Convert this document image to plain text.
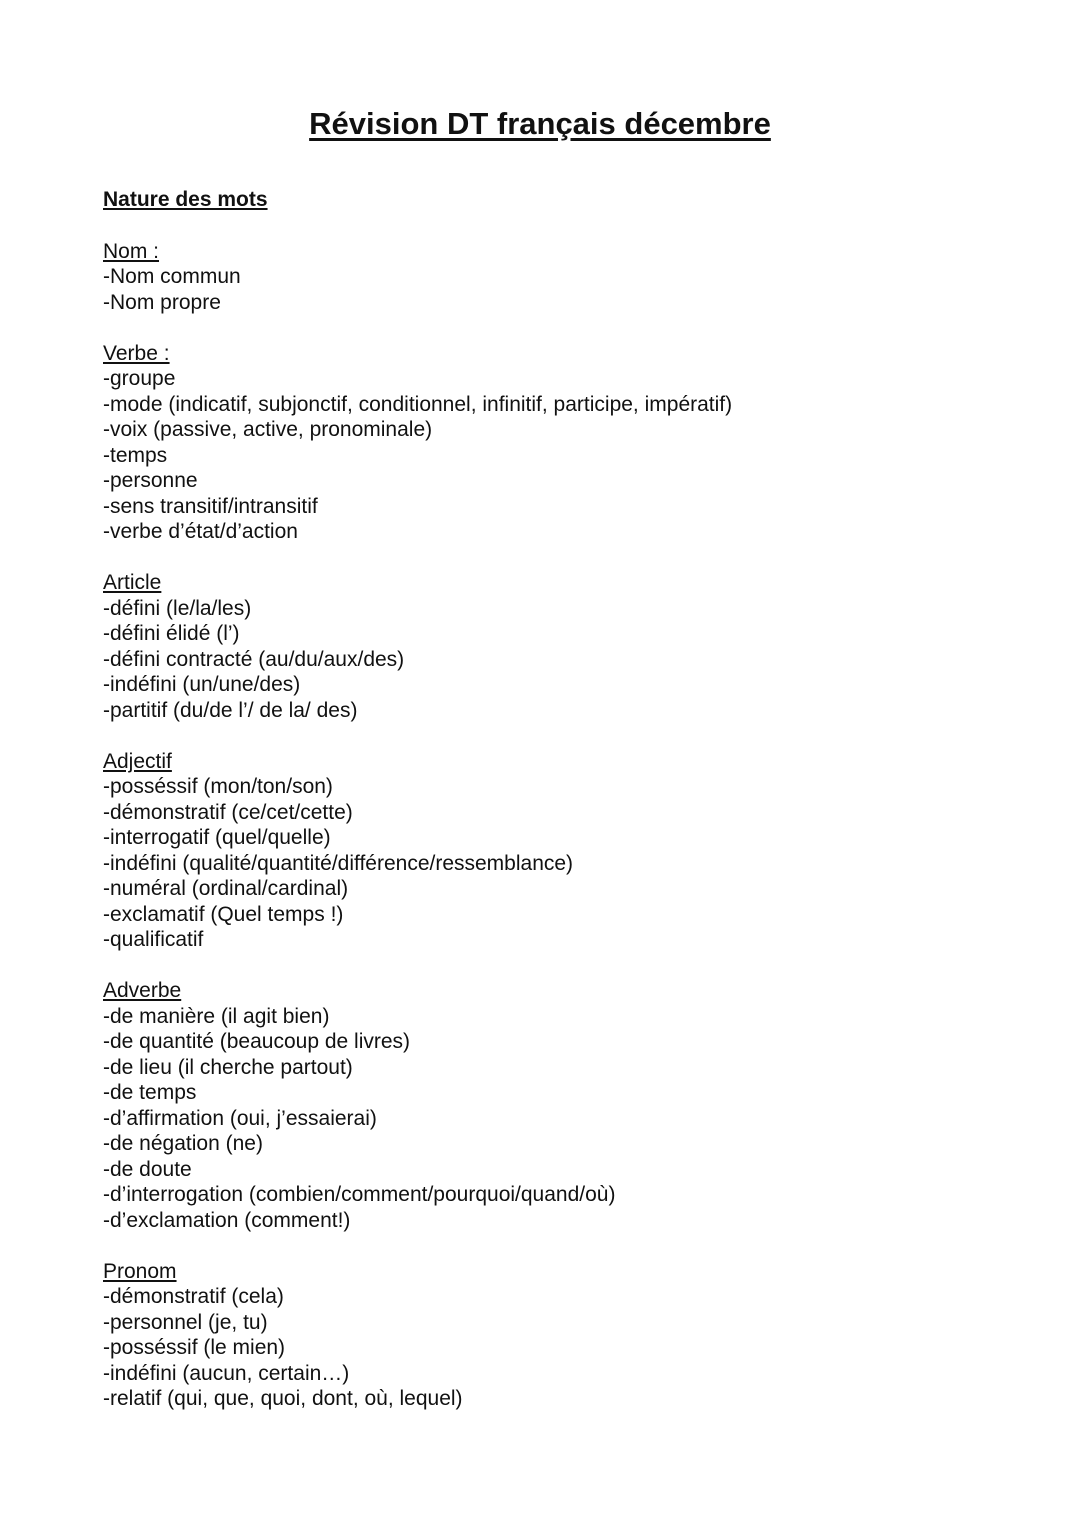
Révision DT français décembre

Nature des mots

Nom :

-Nom commun

-Nom propre

Verbe :

-groupe

-mode (indicatif, subjonctif, conditionnel, infinitif, participe, impératif)

-voix (passive, active, pronominale)

-temps

-personne

-sens transitif/intransitif

-verbe d’état/d’action

Article

-défini (le/la/les)

-défini élidé (l’)

-défini contracté (au/du/aux/des)

-indéfini (un/une/des)

-partitif (du/de l’/ de la/ des)

Adjectif

-posséssif (mon/ton/son)

-démonstratif (ce/cet/cette)

-interrogatif (quel/quelle)

-indéfini (qualité/quantité/différence/ressemblance)

-numéral (ordinal/cardinal)

-exclamatif (Quel temps !)

-qualificatif

Adverbe

-de manière (il agit bien)

-de quantité (beaucoup de livres)

-de lieu (il cherche partout)

-de temps

-d’affirmation (oui, j’essaierai)

-de négation (ne)

-de doute

-d’interrogation (combien/comment/pourquoi/quand/où)

-d’exclamation (comment!)

Pronom

-démonstratif (cela)

-personnel (je, tu)

-posséssif (le mien)

-indéfini (aucun, certain…)

-relatif (qui, que, quoi, dont, où, lequel)
